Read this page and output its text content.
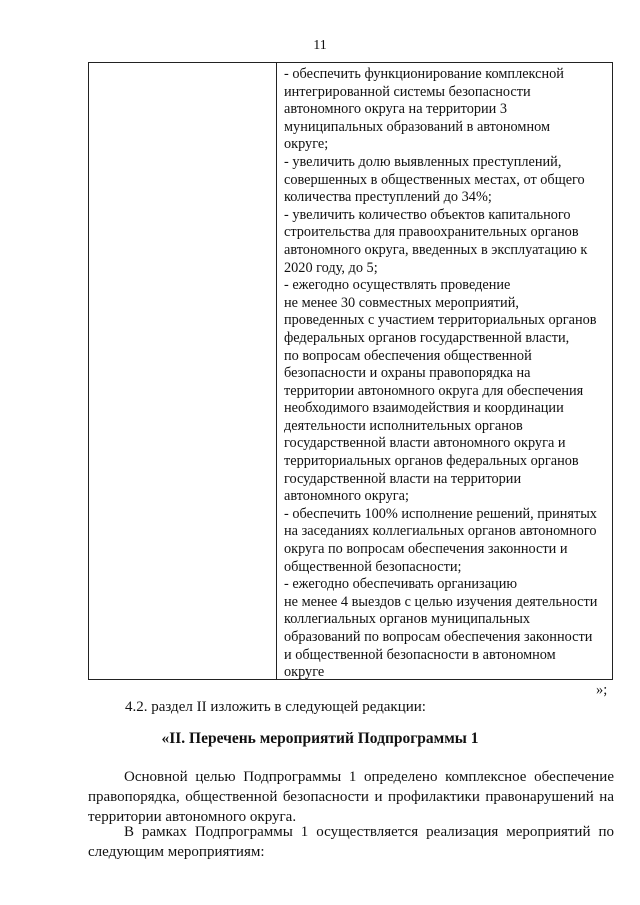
11
- обеспечить функционирование комплексной
интегрированной системы безопасности
автономного округа на территории 3
муниципальных образований в автономном
округе;
- увеличить долю выявленных преступлений,
совершенных в общественных местах, от общего
количества преступлений до 34%;
- увеличить количество объектов капитального
строительства для правоохранительных органов
автономного округа, введенных в эксплуатацию к
2020 году, до 5;
- ежегодно осуществлять проведение
не менее 30 совместных мероприятий,
проведенных с участием территориальных органов
федеральных органов государственной власти,
по вопросам обеспечения общественной
безопасности и охраны правопорядка на
территории автономного округа для обеспечения
необходимого взаимодействия и координации
деятельности исполнительных органов
государственной власти автономного округа и
территориальных органов федеральных органов
государственной власти на территории
автономного округа;
- обеспечить 100% исполнение решений, принятых
на заседаниях коллегиальных органов автономного
округа по вопросам обеспечения законности и
общественной безопасности;
- ежегодно обеспечивать организацию
не менее 4 выездов с целью изучения деятельности
коллегиальных органов муниципальных
образований по вопросам обеспечения законности
и общественной безопасности в автономном
округе
»;
4.2. раздел II изложить в следующей редакции:
«II. Перечень мероприятий Подпрограммы 1
Основной целью Подпрограммы 1 определено комплексное обеспечение
правопорядка, общественной безопасности и профилактики правонарушений на
территории автономного округа.
В рамках Подпрограммы 1 осуществляется реализация мероприятий по
следующим мероприятиям:
